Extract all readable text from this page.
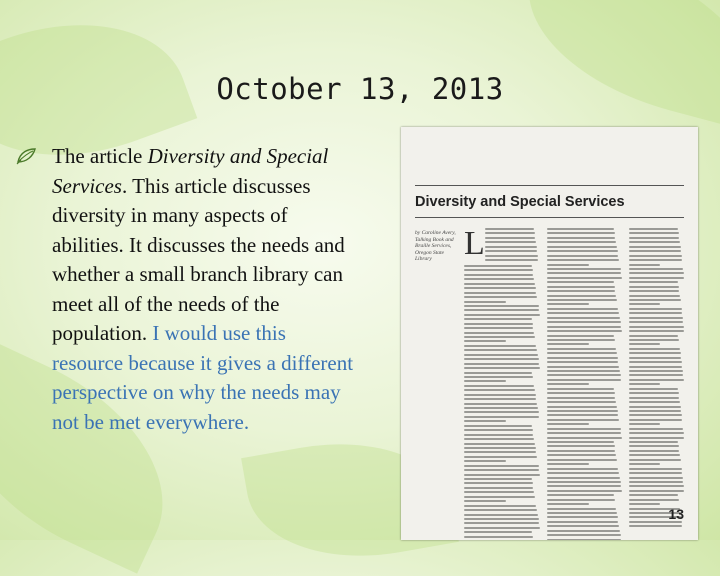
October 13, 2013
The article Diversity and Special Services. This article discusses diversity in many aspects of abilities. It discusses the needs and whether a small branch library can meet all of the needs of the population. I would use this resource because it gives a different perspective on why the needs may not be met everywhere.
Diversity and Special Services
by Caroline Avery, Talking Book and Braille Services, Oregon State Library L
13
